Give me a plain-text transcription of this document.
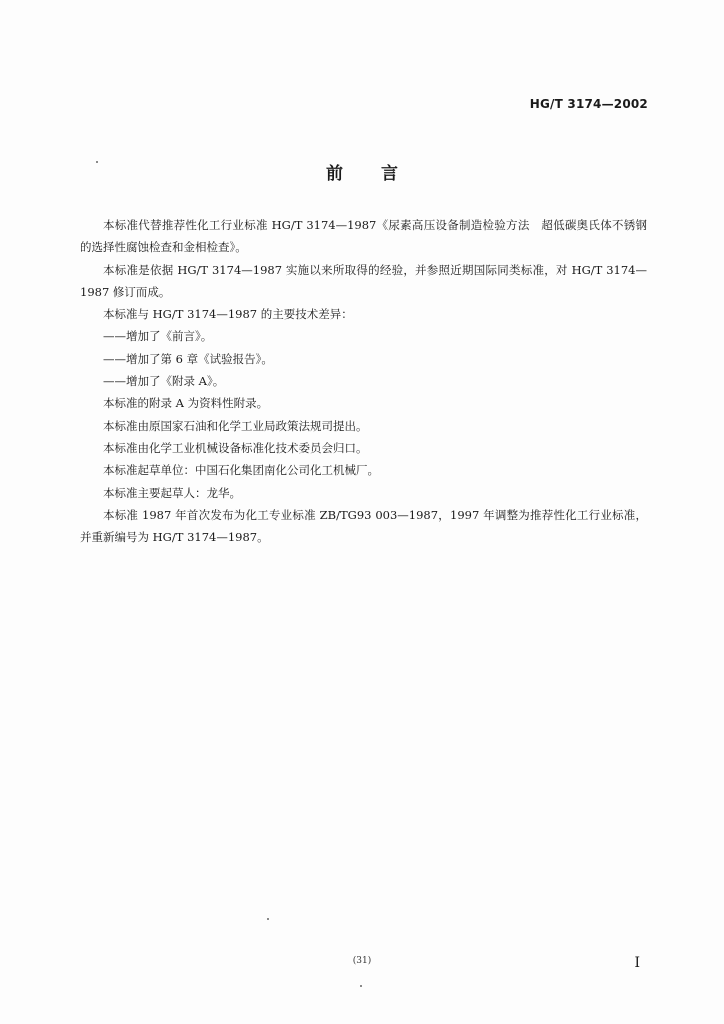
HG/T 3174—2002
前言

本标准代替推荐性化工行业标准 HG/T 3174—1987《尿素高压设备制造检验方法　超低碳奥氏体不锈钢的选择性腐蚀检查和金相检查》。

本标准是依据 HG/T 3174—1987 实施以来所取得的经验，并参照近期国际同类标准，对 HG/T 3174—1987 修订而成。

本标准与 HG/T 3174—1987 的主要技术差异：

——增加了《前言》。

——增加了第 6 章《试验报告》。

——增加了《附录 A》。

本标准的附录 A 为资料性附录。

本标准由原国家石油和化学工业局政策法规司提出。

本标准由化学工业机械设备标准化技术委员会归口。

本标准起草单位：中国石化集团南化公司化工机械厂。

本标准主要起草人：龙华。

本标准 1987 年首次发布为化工专业标准 ZB/TG93 003—1987，1997 年调整为推荐性化工行业标准，并重新编号为 HG/T 3174—1987。

(31)	I
